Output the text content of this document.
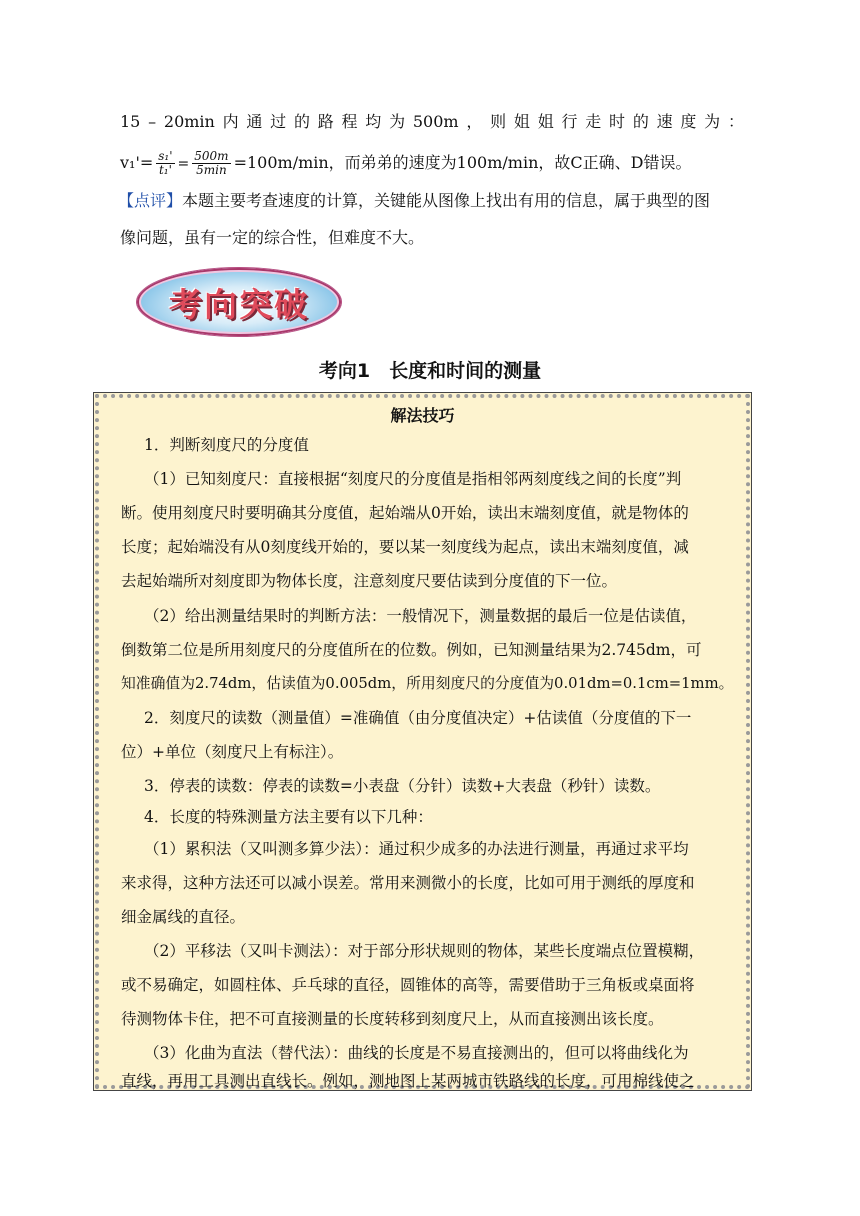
15 – 20min 内 通 过 的 路 程 均 为 500m ， 则 姐 姐 行 走 时 的 速 度 为 ：
$v_1'= \frac{\text{s₁'}}{\text{t₁'}} = \frac{500m}{5\min} =100m/\min$，而弟弟的速度为100m/min，故C正确、D错误。
【点评】本题主要考查速度的计算，关键能从图像上找出有用的信息，属于典型的图
像问题，虽有一定的综合性，但难度不大。
考向突破
考向1　长度和时间的测量
解法技巧
1．判断刻度尺的分度值
（1）已知刻度尺：直接根据“刻度尺的分度值是指相邻两刻度线之间的长度”判
断。使用刻度尺时要明确其分度值，起始端从0开始，读出末端刻度值，就是物体的
长度；起始端没有从0刻度线开始的，要以某一刻度线为起点，读出末端刻度值，减
去起始端所对刻度即为物体长度，注意刻度尺要估读到分度值的下一位。
（2）给出测量结果时的判断方法：一般情况下，测量数据的最后一位是估读值，
倒数第二位是所用刻度尺的分度值所在的位数。例如，已知测量结果为2.745dm，可
知准确值为2.74dm，估读值为0.005dm，所用刻度尺的分度值为0.01dm=0.1cm=1mm。
2．刻度尺的读数（测量值）=准确值（由分度值决定）+估读值（分度值的下一
位）+单位（刻度尺上有标注）。
3．停表的读数：停表的读数=小表盘（分针）读数+大表盘（秒针）读数。
4．长度的特殊测量方法主要有以下几种：
（1）累积法（又叫测多算少法）：通过积少成多的办法进行测量，再通过求平均
来求得，这种方法还可以减小误差。常用来测微小的长度，比如可用于测纸的厚度和
细金属线的直径。
（2）平移法（又叫卡测法）：对于部分形状规则的物体，某些长度端点位置模糊，
或不易确定，如圆柱体、乒乓球的直径，圆锥体的高等，需要借助于三角板或桌面将
待测物体卡住，把不可直接测量的长度转移到刻度尺上，从而直接测出该长度。
（3）化曲为直法（替代法）：曲线的长度是不易直接测出的，但可以将曲线化为
直线，再用工具测出直线长。例如，测地图上某两城市铁路线的长度，可用棉线使之
